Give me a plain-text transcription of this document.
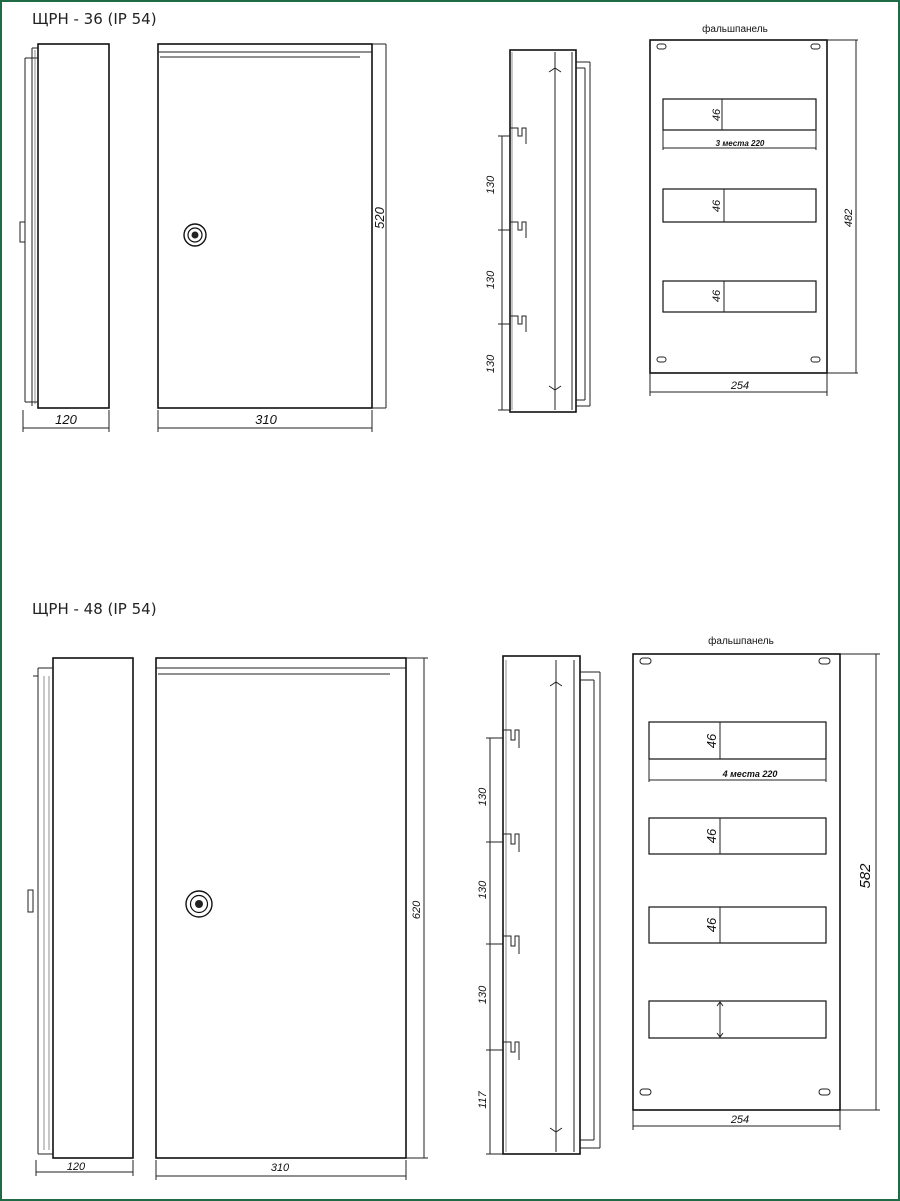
ЩРН - 36 (IP 54)
120	310
520
130
130
130
фальшпанель
46
3 места 220
46
46
482
254
ЩРН - 48 (IP 54)
120	310
620
130
130
130
117
фальшпанель
46
4 места 220
46
46
582
254
